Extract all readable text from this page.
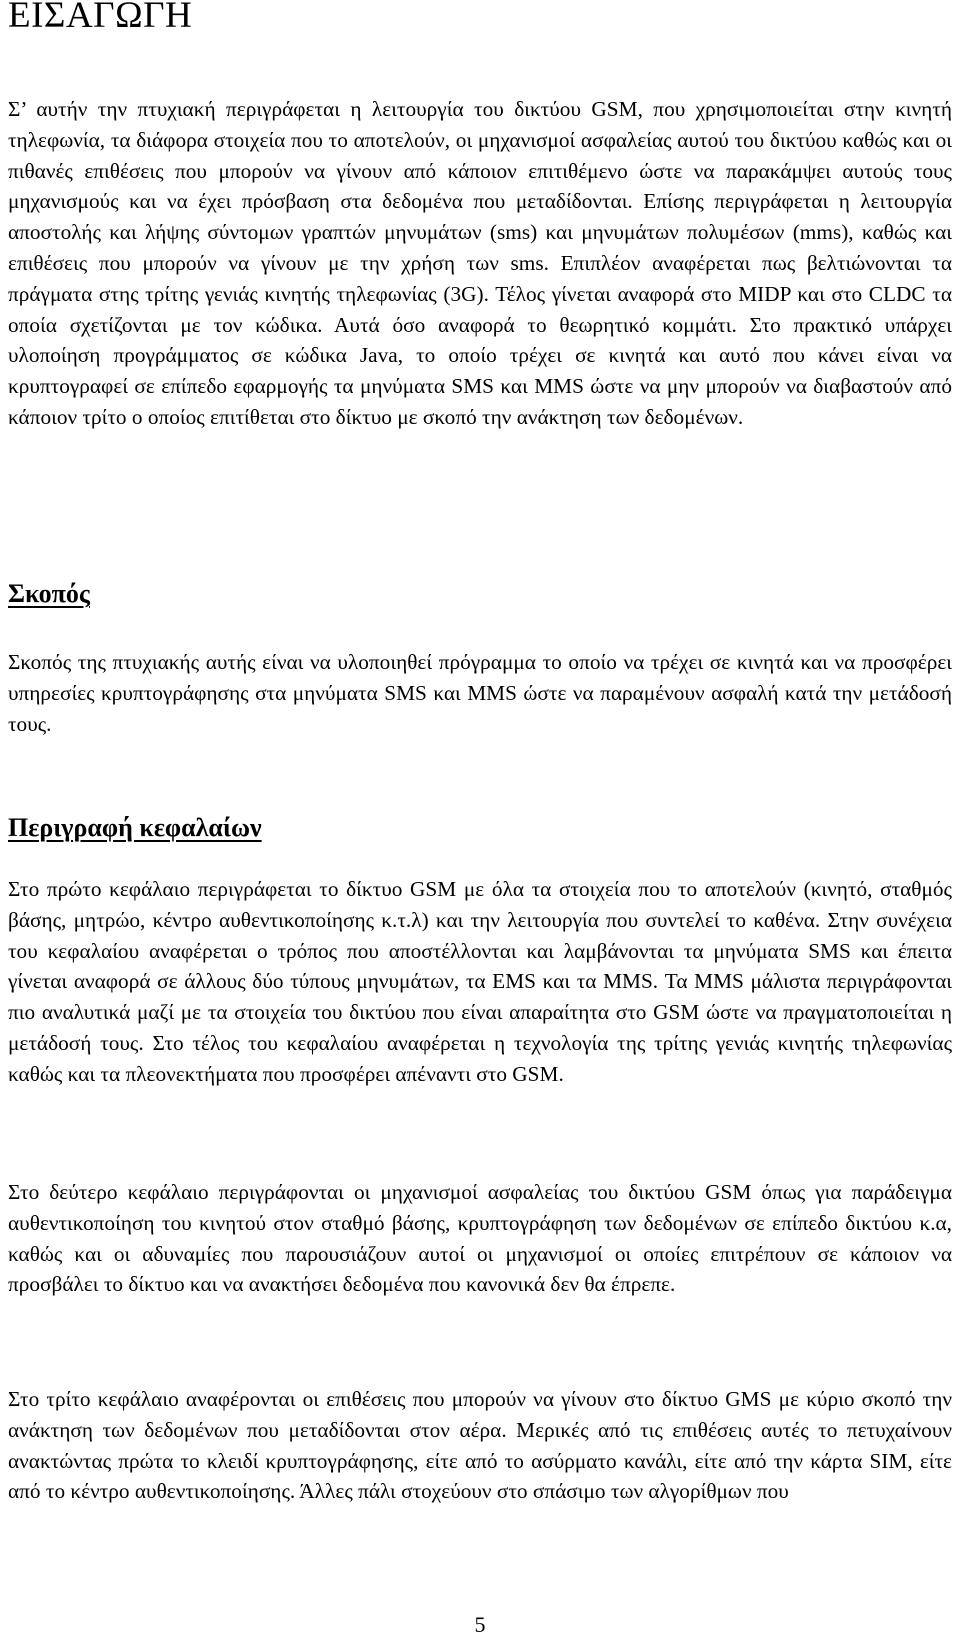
ΕΙΣΑΓΩΓΗ

Σ’ αυτήν την πτυχιακή περιγράφεται η λειτουργία του δικτύου GSM, που χρησιμοποιείται στην κινητή τηλεφωνία, τα διάφορα στοιχεία που το αποτελούν, οι μηχανισμοί ασφαλείας αυτού του δικτύου καθώς και οι πιθανές επιθέσεις που μπορούν να γίνουν από κάποιον επιτιθέμενο ώστε να παρακάμψει αυτούς τους μηχανισμούς και να έχει πρόσβαση στα δεδομένα που μεταδίδονται. Επίσης περιγράφεται η λειτουργία αποστολής και λήψης σύντομων γραπτών μηνυμάτων (sms) και μηνυμάτων πολυμέσων (mms), καθώς και επιθέσεις που μπορούν να γίνουν με την χρήση των sms. Επιπλέον αναφέρεται πως βελτιώνονται τα πράγματα στης τρίτης γενιάς κινητής τηλεφωνίας (3G). Τέλος γίνεται αναφορά στο MIDP και στο CLDC τα οποία σχετίζονται με τον κώδικα. Αυτά όσο αναφορά το θεωρητικό κομμάτι. Στο πρακτικό υπάρχει υλοποίηση προγράμματος σε κώδικα Java, το οποίο τρέχει σε κινητά και αυτό που κάνει είναι να κρυπτογραφεί σε επίπεδο εφαρμογής τα μηνύματα SMS και MMS ώστε να μην μπορούν να διαβαστούν από κάποιον τρίτο ο οποίος επιτίθεται στο δίκτυο με σκοπό την ανάκτηση των δεδομένων.

Σκοπός

Σκοπός της πτυχιακής αυτής είναι να υλοποιηθεί πρόγραμμα το οποίο να τρέχει σε κινητά και να προσφέρει υπηρεσίες κρυπτογράφησης στα μηνύματα SMS και MMS ώστε να παραμένουν ασφαλή κατά την μετάδοσή τους.

Περιγραφή κεφαλαίων

Στο πρώτο κεφάλαιο περιγράφεται το δίκτυο GSM με όλα τα στοιχεία που το αποτελούν (κινητό, σταθμός βάσης, μητρώο, κέντρο αυθεντικοποίησης κ.τ.λ) και την λειτουργία που συντελεί το καθένα. Στην συνέχεια του κεφαλαίου αναφέρεται ο τρόπος που αποστέλλονται και λαμβάνονται τα μηνύματα SMS και έπειτα γίνεται αναφορά σε άλλους δύο τύπους μηνυμάτων, τα EMS και τα MMS. Τα MMS μάλιστα περιγράφονται πιο αναλυτικά μαζί με τα στοιχεία του δικτύου που είναι απαραίτητα στο GSM ώστε να πραγματοποιείται η μετάδοσή τους. Στο τέλος του κεφαλαίου αναφέρεται η τεχνολογία της τρίτης γενιάς κινητής τηλεφωνίας καθώς και τα πλεονεκτήματα που προσφέρει απέναντι στο GSM.

Στο δεύτερο κεφάλαιο περιγράφονται οι μηχανισμοί ασφαλείας του δικτύου GSM όπως για παράδειγμα αυθεντικοποίηση του κινητού στον σταθμό βάσης, κρυπτογράφηση των δεδομένων σε επίπεδο δικτύου κ.α, καθώς και οι αδυναμίες που παρουσιάζουν αυτοί οι μηχανισμοί οι οποίες επιτρέπουν σε κάποιον να προσβάλει το δίκτυο και να ανακτήσει δεδομένα που κανονικά δεν θα έπρεπε.

Στο τρίτο κεφάλαιο αναφέρονται οι επιθέσεις που μπορούν να γίνουν στο δίκτυο GMS με κύριο σκοπό την ανάκτηση των δεδομένων που μεταδίδονται στον αέρα. Μερικές από τις επιθέσεις αυτές το πετυχαίνουν ανακτώντας πρώτα το κλειδί κρυπτογράφησης, είτε από το ασύρματο κανάλι, είτε από την κάρτα SIM, είτε από το κέντρο αυθεντικοποίησης. Άλλες πάλι στοχεύουν στο σπάσιμο των αλγορίθμων που

5
